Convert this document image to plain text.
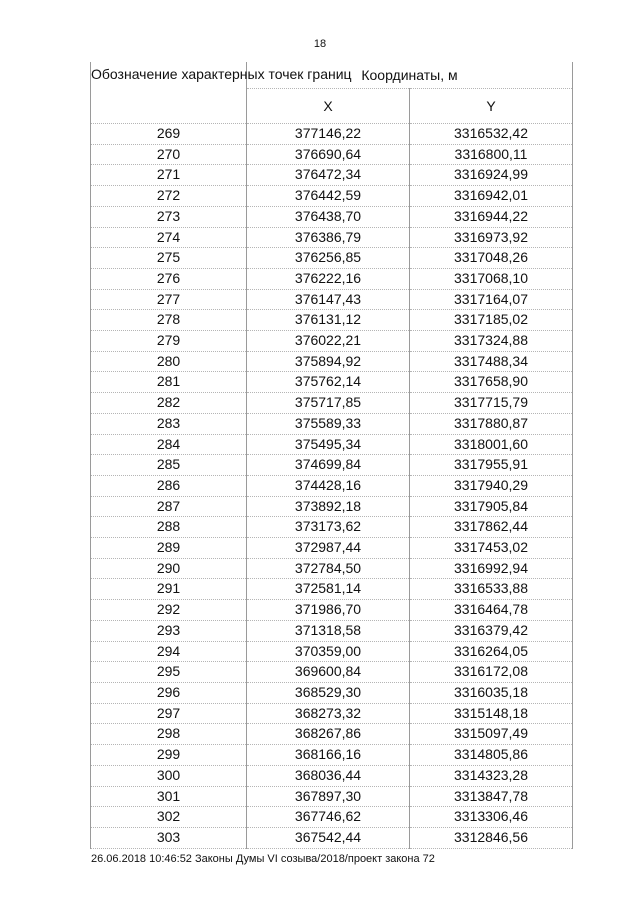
18
Обозначение характерных точек границ	Координаты, м	
	X	Y
269	377146,22	3316532,42
270	376690,64	3316800,11
271	376472,34	3316924,99
272	376442,59	3316942,01
273	376438,70	3316944,22
274	376386,79	3316973,92
275	376256,85	3317048,26
276	376222,16	3317068,10
277	376147,43	3317164,07
278	376131,12	3317185,02
279	376022,21	3317324,88
280	375894,92	3317488,34
281	375762,14	3317658,90
282	375717,85	3317715,79
283	375589,33	3317880,87
284	375495,34	3318001,60
285	374699,84	3317955,91
286	374428,16	3317940,29
287	373892,18	3317905,84
288	373173,62	3317862,44
289	372987,44	3317453,02
290	372784,50	3316992,94
291	372581,14	3316533,88
292	371986,70	3316464,78
293	371318,58	3316379,42
294	370359,00	3316264,05
295	369600,84	3316172,08
296	368529,30	3316035,18
297	368273,32	3315148,18
298	368267,86	3315097,49
299	368166,16	3314805,86
300	368036,44	3314323,28
301	367897,30	3313847,78
302	367746,62	3313306,46
303	367542,44	3312846,56
26.06.2018 10:46:52 Законы Думы VI созыва/2018/проект закона 72
